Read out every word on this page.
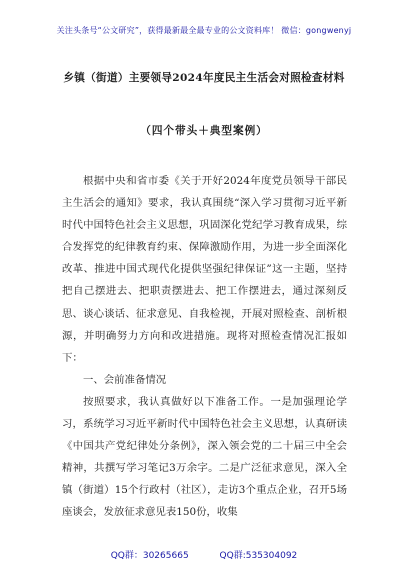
关注头条号“公文研究”，获得最新最全最专业的公文资料库！ 微信：gongwenyj
乡镇（街道）主要领导2024年度民主生活会对照检查材料
（四个带头＋典型案例）

根据中央和省市委《关于开好2024年度党员领导干部民主生活会的通知》要求，我认真围绕“深入学习贯彻习近平新时代中国特色社会主义思想，巩固深化党纪学习教育成果，综合发挥党的纪律教育约束、保障激励作用，为进一步全面深化改革、推进中国式现代化提供坚强纪律保证”这一主题，坚持把自己摆进去、把职责摆进去、把工作摆进去，通过深刻反思、谈心谈话、征求意见、自我检视，开展对照检查、剖析根源，并明确努力方向和改进措施。现将对照检查情况汇报如下：

一、会前准备情况

按照要求，我认真做好以下准备工作。一是加强理论学习，系统学习习近平新时代中国特色社会主义思想，认真研读《中国共产党纪律处分条例》，深入领会党的二十届三中全会精神，共撰写学习笔记3万余字。二是广泛征求意见，深入全镇（街道）15个行政村（社区），走访3个重点企业，召开5场座谈会，发放征求意见表150份，收集

QQ群：30265665	QQ群:535304092
